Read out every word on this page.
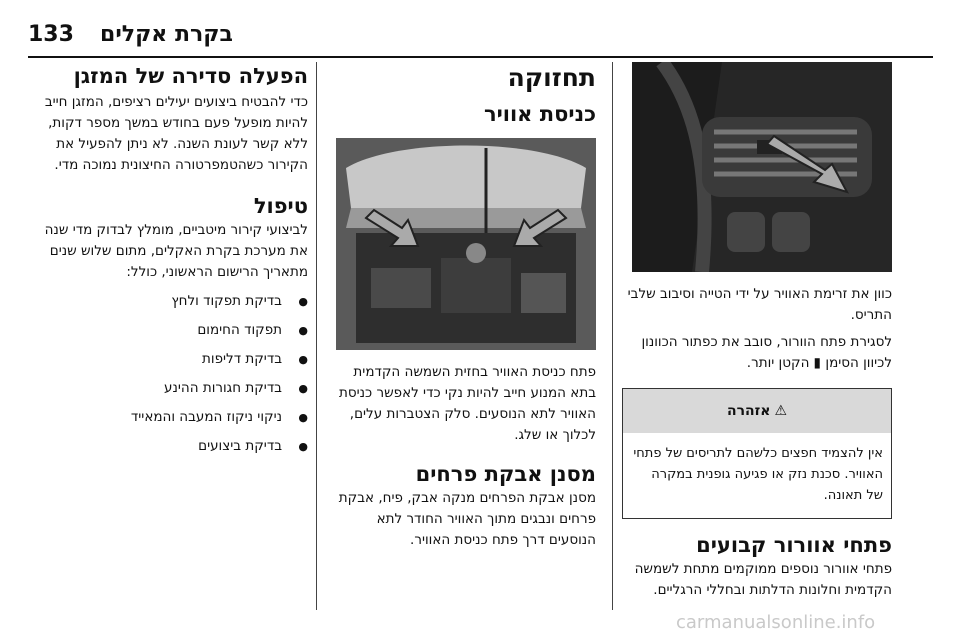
133 בקרת אקלים

כוון את זרימת האוויר על ידי הטייה וסיבוב שלבי התריס.

לסגירת פתח הוורור, סובב את כפתור הכוונון לכיוון הסימן ▮ הקטן יותר.

⚠
אזהרה
אין להצמיד חפצים כלשהם לתריסים של פתחי האוויר. סכנת נזק או פגיעה גופנית במקרה של תאונה.
פתחי אוורור קבועים

פתחי אוורור נוספים ממוקמים מתחת לשמשה הקדמית וחלונות הדלתות ובחללי הרגליים.

תחזוקה
כניסת אוויר

פתח כניסת האוויר בחזית השמשה הקדמית בתא המנוע חייב להיות נקי כדי לאפשר כניסת האוויר לתא הנוסעים. סלק הצטברות עלים, לכלוך או שלג.

מסנן אבקת פרחים

מסנן אבקת הפרחים מנקה אבק, פיח, אבקת פרחים ונבגים מתוך האוויר החודר לתא הנוסעים דרך פתח כניסת האוויר.

הפעלה סדירה של המזגן

כדי להבטיח ביצועים יעילים רציפים, המזגן חייב להיות מופעל פעם בחודש במשך מספר דקות, ללא קשר לעונת השנה. לא ניתן להפעיל את הקירור כשהטמפרטורה החיצונית נמוכה מדי.

טיפול

לביצועי קירור מיטביים, מומלץ לבדוק מדי שנה את מערכת בקרת האקלים, מתום שלוש שנים מתאריך הרישום הראשוני, כולל:

● בדיקת תפקוד ולחץ
● תפקוד החימום
● בדיקת דליפות
● בדיקת חגורות ההינע
● ניקוי ניקוז המעבה והמאייד
● בדיקת ביצועים
carmanualsonline.info
